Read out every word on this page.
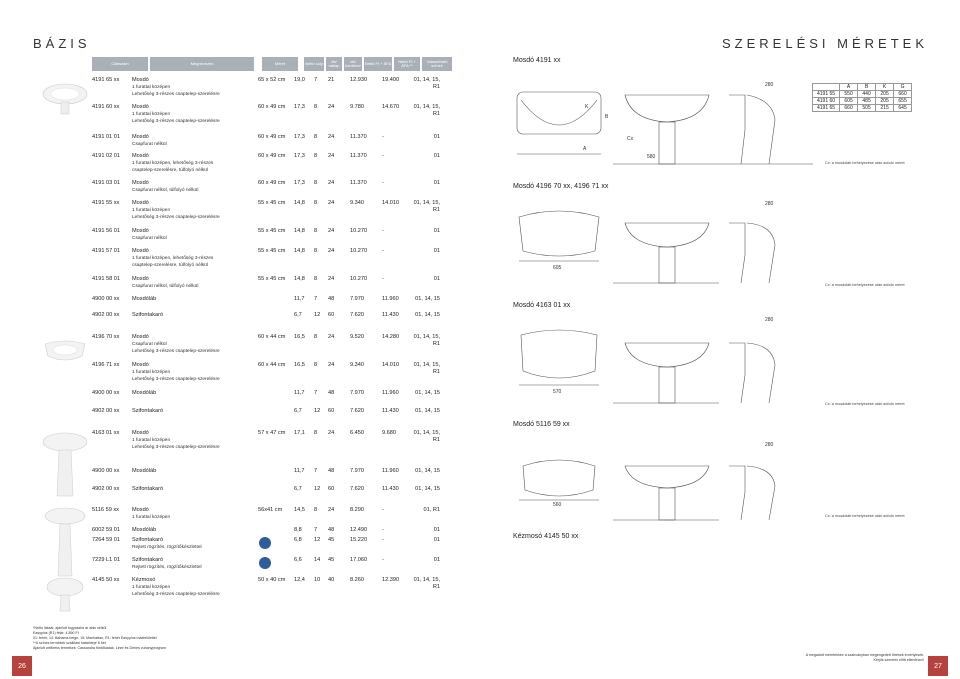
BÁZIS	SZERELÉSI MÉRETEK
Cikkszám	Megnevezés	Méret	Nettó súly	db/ raklap
db/ konténer	Nettó Ft + ÁFA	Nettó Ft + ÁFA **
Választható színek
4191 65 xx Mosdó	65 x 52 cm 19,0 7 21	12.930	19.400	01, 14, 15, R1
1 furattal középen
Lehetőség 3-részes csaptelep-szerelésre
4191 60 xx Mosdó	60 x 49 cm 17,3 8 24	9.780	14.670	01, 14, 15, R1
1 furattal középen
Lehetőség 3-részes csaptelep-szerelésre
4191 01 01 Mosdó	60 x 49 cm 17,3 8 24	11.370	-	01
Csapfurat nélkül
4191 02 01 Mosdó	60 x 49 cm 17,3 8 24	11.370	-	01
1 furattal középen, lehetőség 3-részes
csaptelep-szerelésre, túlfolyó nélkül
4191 03 01 Mosdó	60 x 49 cm 17,3 8 24	11.370	-	01
Csapfurat nélkül, túlfolyó nélkül
4191 55 xx Mosdó	55 x 45 cm 14,8 8 24	9.340	14.010	01, 14, 15, R1
1 furattal középen
Lehetőség 3-részes csaptelep-szerelésre
4191 56 01 Mosdó	55 x 45 cm 14,8 8 24	10.270	-	01
Csapfurat nélkül
4191 57 01 Mosdó	55 x 45 cm 14,8 8 24	10.270	-	01
1 furattal középen, lehetőség 3-részes
csaptelep-szerelésre, túlfolyó nélkül
4191 58 01 Mosdó	55 x 45 cm 14,8 8 24	10.270	-	01
Csapfurat nélkül, túlfolyó nélkül
4900 00 xx Mosdóláb	11,7 7 48	7.970	11.960	01, 14, 15
4902 00 xx Szifontakaró	6,7 12 60	7.620	11.430	01, 14, 15
4196 70 xx Mosdó	60 x 44 cm 16,5 8 24	9.520	14.280	01, 14, 15, R1
Csapfurat nélkül
Lehetőség 3-részes csaptelep-szerelésre
4196 71 xx Mosdó	60 x 44 cm 16,5 8 24	9.340	14.010	01, 14, 15, R1
1 furattal középen
Lehetőség 3-részes csaptelep-szerelésre
4900 00 xx Mosdóláb	11,7 7 48	7.970	11.960	01, 14, 15
4902 00 xx Szifontakaró	6,7 12 60	7.620	11.430	01, 14, 15
4163 01 xx Mosdó	57 x 47 cm 17,1 8 24	6.450	9.680	01, 14, 15, R1
1 furattal középen
Lehetőség 3-részes csaptelep-szerelésre
4900 00 xx Mosdóláb	11,7 7 48	7.970	11.960	01, 14, 15
4902 00 xx Szifontakaró	6,7 12 60	7.620	11.430	01, 14, 15
5116 59 xx Mosdó	56x41 cm 14,5 8 24	8.290	-	01, R1
1 furattal középen
6002 59 01 Mosdóláb	8,8 7 48	12.490	-	01
7264 59 01 Szifontakaró	6,8 12 45	15.220	-	01
Rejtett rögzítés, rögzítőkészlettel
7229 L1 01 Szifontakaró	6,6 14 45	17.060	-	01
Rejtett rögzítés, rögzítőkészlettel
4145 50 xx Kézmosó	50 x 40 cm 12,4 10 40	8.260	12.390	01, 14, 15, R1
1 furattal középen
Lehetőség 3-részes csaptelep-szerelésre
Mosdó 4191 xx
Mosdó 4196 70 xx, 4196 71 xx
Mosdó 4163 01 xx
Mosdó 5116 59 xx
Kézmosó 4145 50 xx
A
B
K
Cx
580
280
605
280
570
280
560
280
Cx: a mosdóláb behelyezése után adódó méret
Cx: a mosdóláb behelyezése után adódó méret
Cx: a mosdóláb behelyezése után adódó méret
Cx: a mosdóláb behelyezése után adódó méret
	A	B	K	G
4191 55	550	440	205	660
4191 60	605	485	205	655
4191 65	660	505	215	645
*Nettó listaár, ajánlott fogyasztói ár alás nélkül
Easyplus (R1) felár: 4.890 Ft
01: fehér, 14: Bahama beige, 15: Manhattan, R1: fehér Easyplus mázfelülettel
**A színes termékek szállítási határideje 6 hét
Ajánlott wellness termékek: Cassandra fürdőkádak, Liner és Dénes zuhanyprogram
A megadott méretekhez a szabványban megengedett tűrések érvényesek.
Kérjük szerelés előtt ellenőrizni!
26	27
